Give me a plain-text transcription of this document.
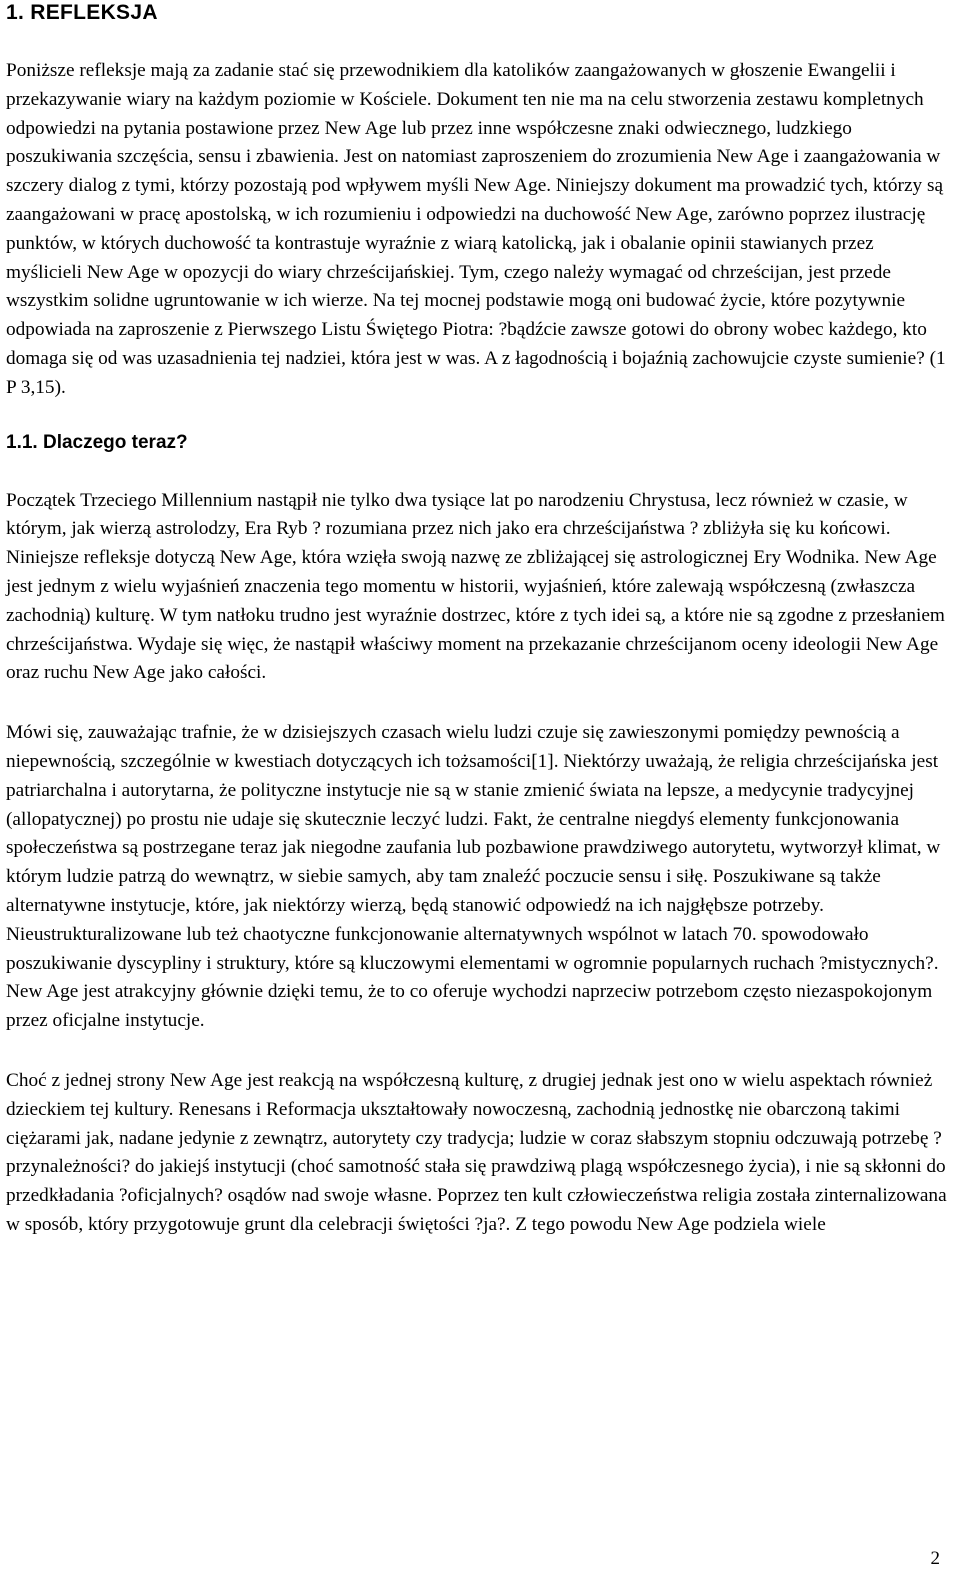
1. REFLEKSJA

Poniższe refleksje mają za zadanie stać się przewodnikiem dla katolików zaangażowanych w głoszenie Ewangelii i przekazywanie wiary na każdym poziomie w Kościele. Dokument ten nie ma na celu stworzenia zestawu kompletnych odpowiedzi na pytania postawione przez New Age lub przez inne współczesne znaki odwiecznego, ludzkiego poszukiwania szczęścia, sensu i zbawienia. Jest on natomiast zaproszeniem do zrozumienia New Age i zaangażowania w szczery dialog z tymi, którzy pozostają pod wpływem myśli New Age. Niniejszy dokument ma prowadzić tych, którzy są zaangażowani w pracę apostolską, w ich rozumieniu i odpowiedzi na duchowość New Age, zarówno poprzez ilustrację punktów, w których duchowość ta kontrastuje wyraźnie z wiarą katolicką, jak i obalanie opinii stawianych przez myślicieli New Age w opozycji do wiary chrześcijańskiej. Tym, czego należy wymagać od chrześcijan, jest przede wszystkim solidne ugruntowanie w ich wierze. Na tej mocnej podstawie mogą oni budować życie, które pozytywnie odpowiada na zaproszenie z Pierwszego Listu Świętego Piotra: ?bądźcie zawsze gotowi do obrony wobec każdego, kto domaga się od was uzasadnienia tej nadziei, która jest w was. A z łagodnością i bojaźnią zachowujcie czyste sumienie? (1 P 3,15).

1.1. Dlaczego teraz?

Początek Trzeciego Millennium nastąpił nie tylko dwa tysiące lat po narodzeniu Chrystusa, lecz również w czasie, w którym, jak wierzą astrolodzy, Era Ryb ? rozumiana przez nich jako era chrześcijaństwa ? zbliżyła się ku końcowi. Niniejsze refleksje dotyczą New Age, która wzięła swoją nazwę ze zbliżającej się astrologicznej Ery Wodnika. New Age jest jednym z wielu wyjaśnień znaczenia tego momentu w historii, wyjaśnień, które zalewają współczesną (zwłaszcza zachodnią) kulturę. W tym natłoku trudno jest wyraźnie dostrzec, które z tych idei są, a które nie są zgodne z przesłaniem chrześcijaństwa. Wydaje się więc, że nastąpił właściwy moment na przekazanie chrześcijanom oceny ideologii New Age oraz ruchu New Age jako całości.

Mówi się, zauważając trafnie, że w dzisiejszych czasach wielu ludzi czuje się zawieszonymi pomiędzy pewnością a niepewnością, szczególnie w kwestiach dotyczących ich tożsamości[1]. Niektórzy uważają, że religia chrześcijańska jest patriarchalna i autorytarna, że polityczne instytucje nie są w stanie zmienić świata na lepsze, a medycynie tradycyjnej (allopatycznej) po prostu nie udaje się skutecznie leczyć ludzi. Fakt, że centralne niegdyś elementy funkcjonowania społeczeństwa są postrzegane teraz jak niegodne zaufania lub pozbawione prawdziwego autorytetu, wytworzył klimat, w którym ludzie patrzą do wewnątrz, w siebie samych, aby tam znaleźć poczucie sensu i siłę. Poszukiwane są także alternatywne instytucje, które, jak niektórzy wierzą, będą stanowić odpowiedź na ich najgłębsze potrzeby. Nieustrukturalizowane lub też chaotyczne funkcjonowanie alternatywnych wspólnot w latach 70. spowodowało poszukiwanie dyscypliny i struktury, które są kluczowymi elementami w ogromnie popularnych ruchach ?mistycznych?. New Age jest atrakcyjny głównie dzięki temu, że to co oferuje wychodzi naprzeciw potrzebom często niezaspokojonym przez oficjalne instytucje.

Choć z jednej strony New Age jest reakcją na współczesną kulturę, z drugiej jednak jest ono w wielu aspektach również dzieckiem tej kultury. Renesans i Reformacja ukształtowały nowoczesną, zachodnią jednostkę nie obarczoną takimi ciężarami jak, nadane jedynie z zewnątrz, autorytety czy tradycja; ludzie w coraz słabszym stopniu odczuwają potrzebę ? przynależności? do jakiejś instytucji (choć samotność stała się prawdziwą plagą współczesnego życia), i nie są skłonni do przedkładania ?oficjalnych? osądów nad swoje własne. Poprzez ten kult człowieczeństwa religia została zinternalizowana w sposób, który przygotowuje grunt dla celebracji świętości ?ja?. Z tego powodu New Age podziela wiele

2
